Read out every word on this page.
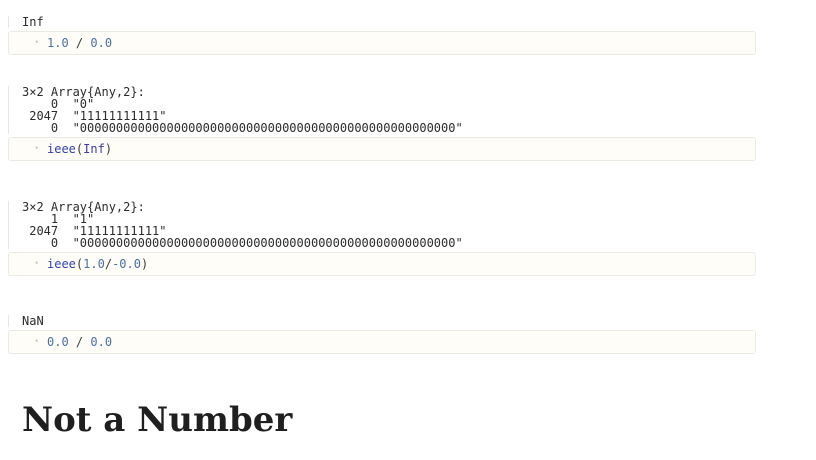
Inf

•

1.0 / 0.0

3×2 Array{Any,2}:
0  "0"
2047  "11111111111"
0  "0000000000000000000000000000000000000000000000000000"

•

ieee(Inf)

3×2 Array{Any,2}:
1  "1"
2047  "11111111111"
0  "0000000000000000000000000000000000000000000000000000"

•

ieee(1.0/-0.0)

NaN

•

0.0 / 0.0

Not a Number
